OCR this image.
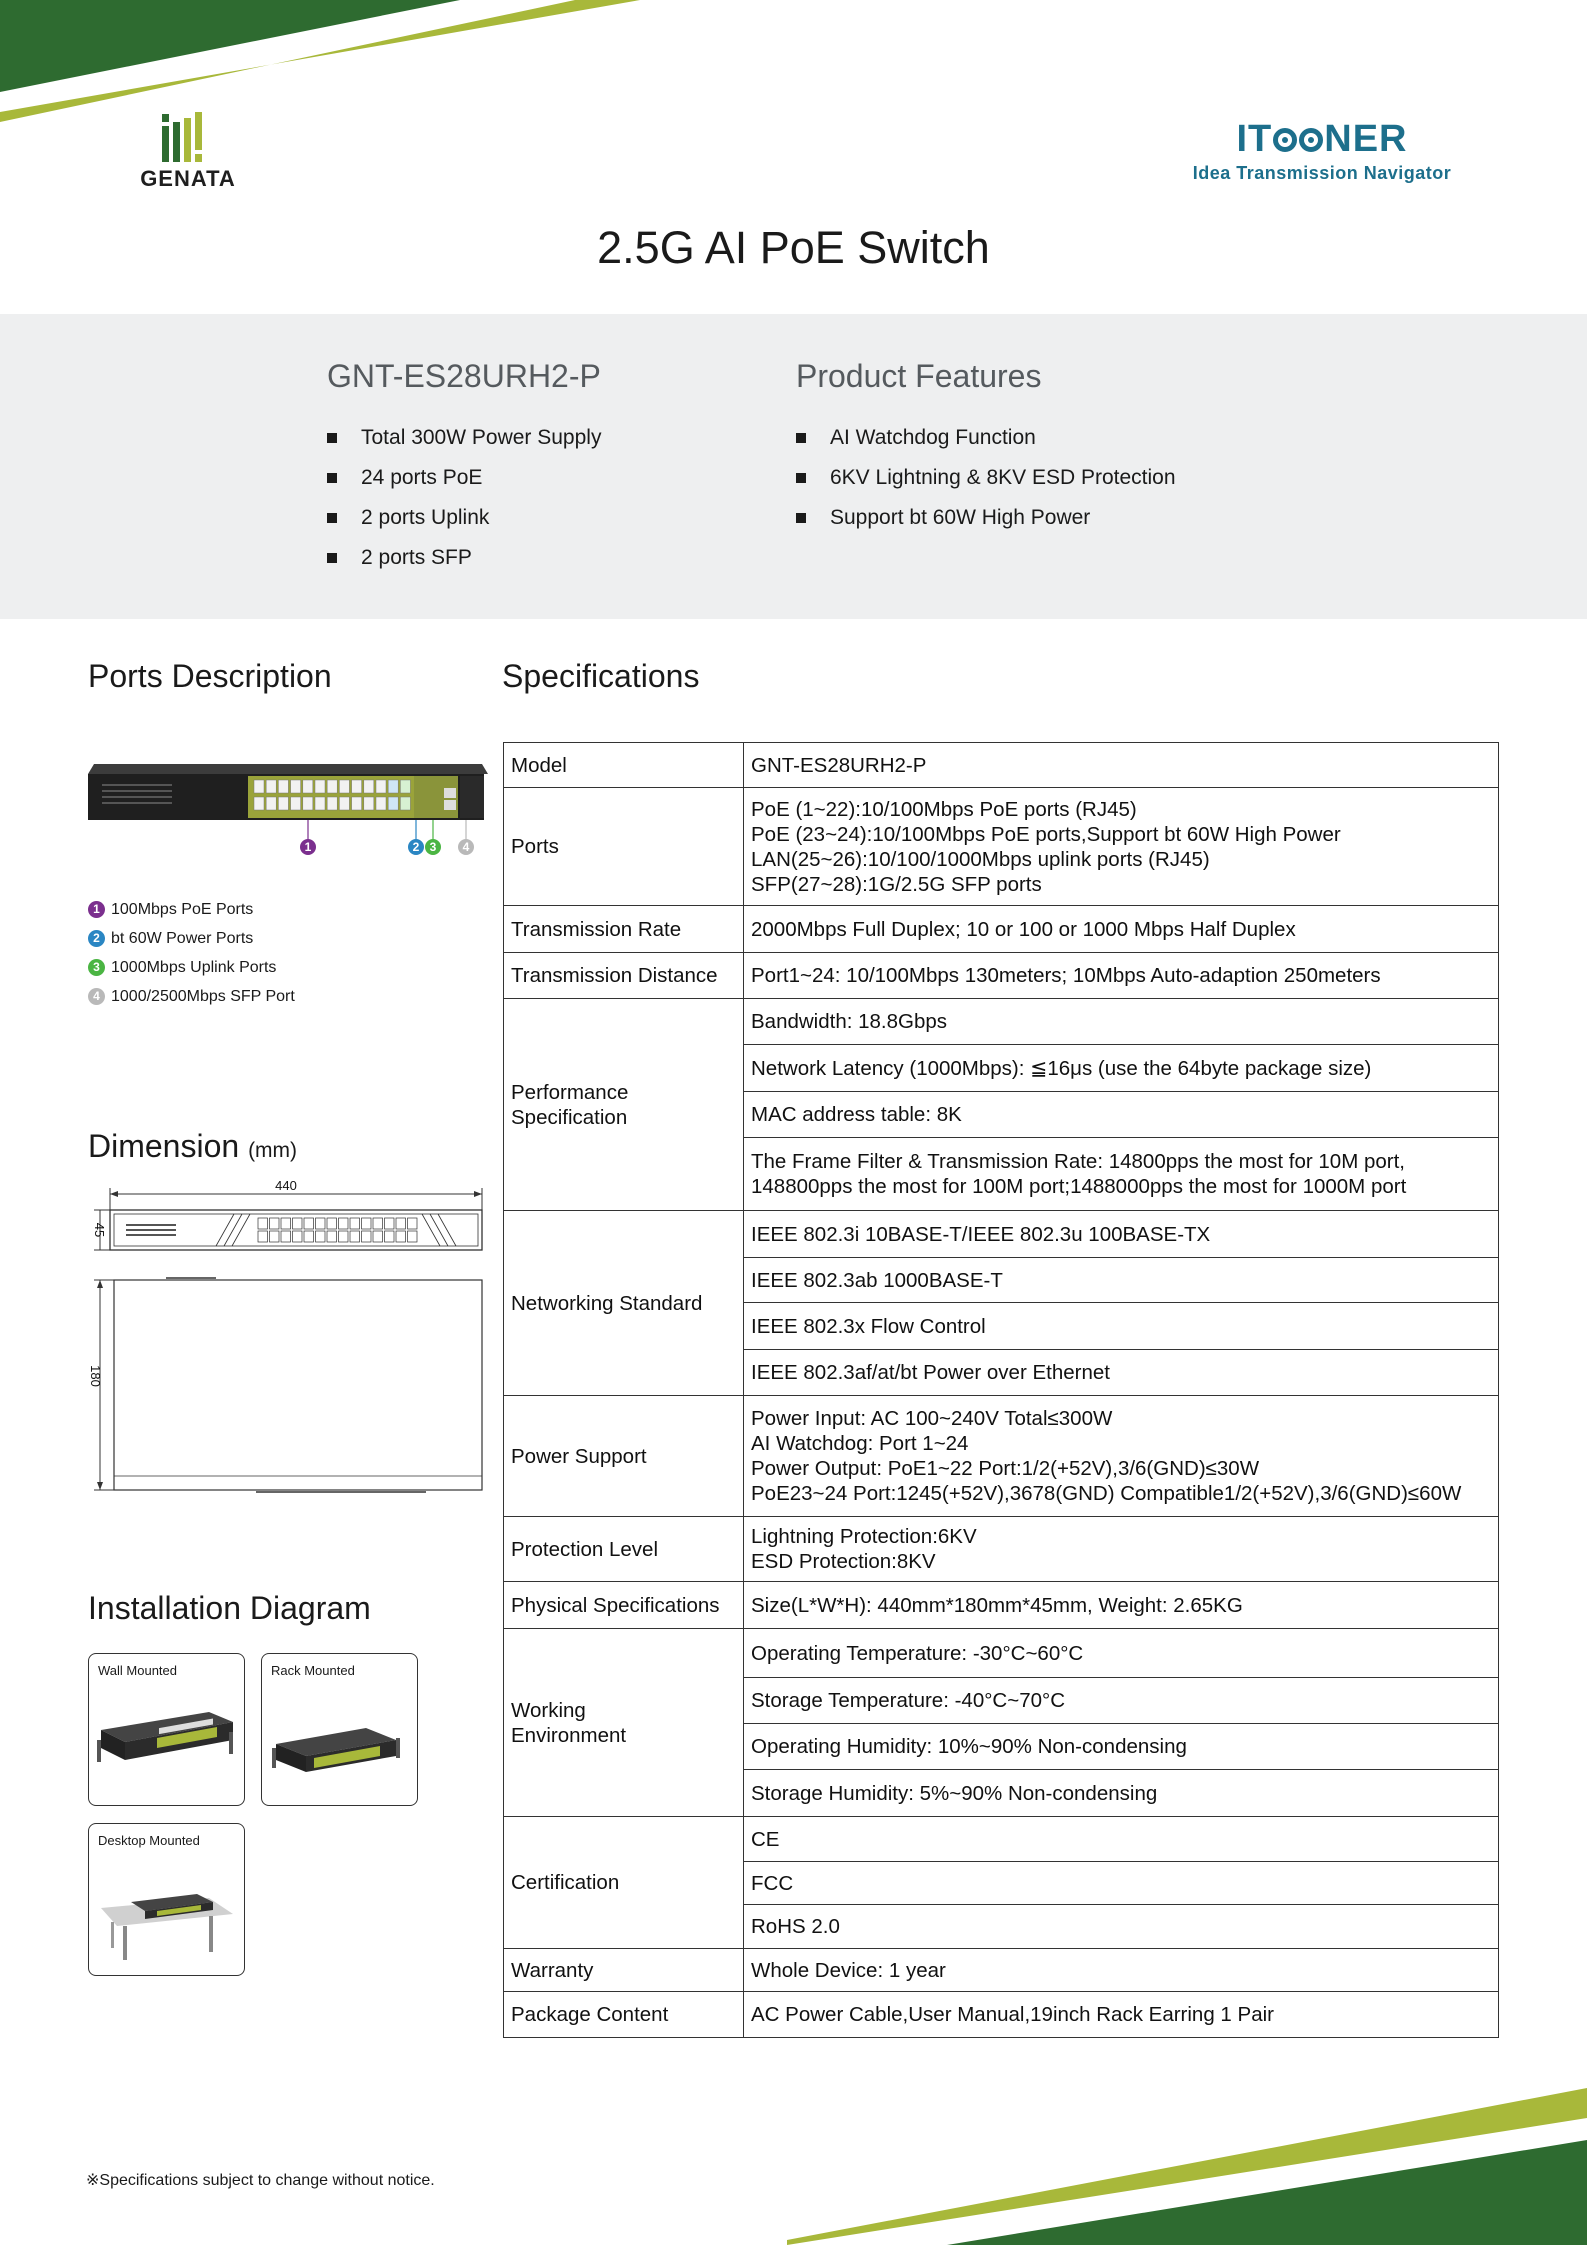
GENATA
IT NER
Idea Transmission Navigator
2.5G AI PoE Switch
GNT-ES28URH2-P
Total 300W Power Supply
24 ports PoE
2 ports Uplink
2 ports SFP
Product Features
AI Watchdog Function
6KV Lightning & 8KV ESD Protection
Support bt 60W High Power
Ports Description
1	2 3 4
1 100Mbps PoE Ports
2 bt 60W Power Ports
3 1000Mbps Uplink Ports
4 1000/2500Mbps SFP Port
Dimension (mm)
440
45
180
Installation Diagram
Wall Mounted	Rack Mounted
Desktop Mounted
Specifications
Model	GNT-ES28URH2-P
Ports	PoE (1~22):10/100Mbps PoE ports (RJ45)
PoE (23~24):10/100Mbps PoE ports,Support bt 60W High Power
LAN(25~26):10/100/1000Mbps uplink ports (RJ45)
SFP(27~28):1G/2.5G SFP ports
Transmission Rate	2000Mbps Full Duplex; 10 or 100 or 1000 Mbps Half Duplex
Transmission Distance	Port1~24: 10/100Mbps 130meters; 10Mbps Auto-adaption 250meters
Performance
Specification	Bandwidth: 18.8Gbps
	Network Latency (1000Mbps): ≦16μs (use the 64byte package size)
	MAC address table: 8K
	The Frame Filter & Transmission Rate: 14800pps the most for 10M port,
148800pps the most for 100M port;1488000pps the most for 1000M port
Networking Standard	IEEE 802.3i 10BASE-T/IEEE 802.3u 100BASE-TX
	IEEE 802.3ab 1000BASE-T
	IEEE 802.3x Flow Control
	IEEE 802.3af/at/bt Power over Ethernet
Power Support	Power Input: AC 100~240V Total≤300W
AI Watchdog: Port 1~24
Power Output: PoE1~22 Port:1/2(+52V),3/6(GND)≤30W
PoE23~24 Port:1245(+52V),3678(GND) Compatible1/2(+52V),3/6(GND)≤60W
Protection Level	Lightning Protection:6KV
ESD Protection:8KV
Physical Specifications	Size(L*W*H): 440mm*180mm*45mm, Weight: 2.65KG
Working
Environment	Operating Temperature: -30°C~60°C
	Storage Temperature: -40°C~70°C
	Operating Humidity: 10%~90% Non-condensing
	Storage Humidity: 5%~90% Non-condensing
Certification	CE
	FCC
	RoHS 2.0
Warranty	Whole Device: 1 year
Package Content	AC Power Cable,User Manual,19inch Rack Earring 1 Pair
※Specifications subject to change without notice.
